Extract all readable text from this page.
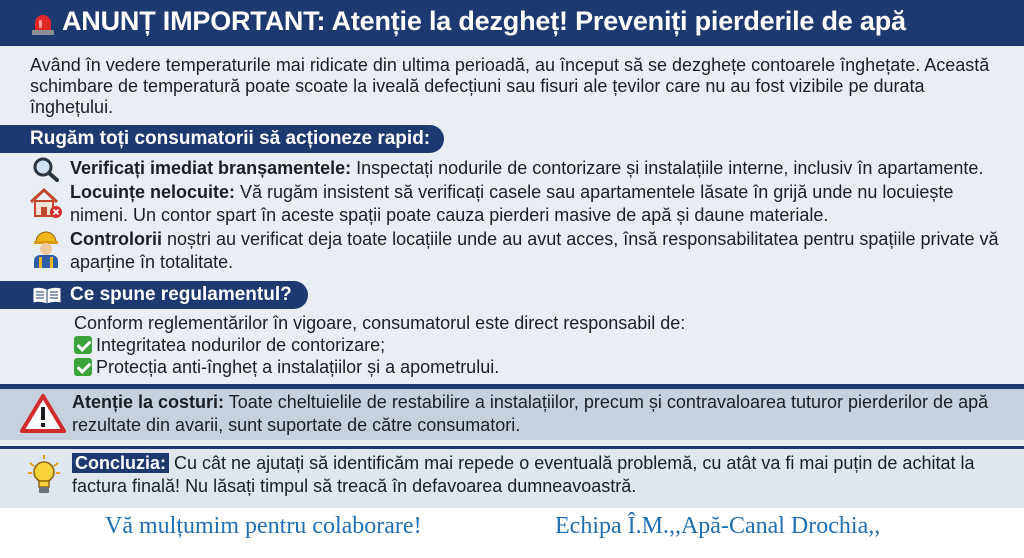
ANUNȚ IMPORTANT: Atenție la dezgheț! Preveniți pierderile de apă
Având în vedere temperaturile mai ridicate din ultima perioadă, au început să se dezghețe contoarele înghețate. Această schimbare de temperatură poate scoate la iveală defecțiuni sau fisuri ale țevilor care nu au fost vizibile pe durata înghețului.
Rugăm toți consumatorii să acționeze rapid:
Verificați imediat branșamentele: Inspectați nodurile de contorizare și instalațiile interne, inclusiv în apartamente.
Locuințe nelocuite: Vă rugăm insistent să verificați casele sau apartamentele lăsate în grijă unde nu locuiește nimeni. Un contor spart în aceste spații poate cauza pierderi masive de apă și daune materiale.
Controlorii noștri au verificat deja toate locațiile unde au avut acces, însă responsabilitatea pentru spațiile private vă aparține în totalitate.
Ce spune regulamentul?
Conform reglementărilor în vigoare, consumatorul este direct responsabil de:
Integritatea nodurilor de contorizare;
Protecția anti-îngheț a instalațiilor și a apometrului.
Atenție la costuri: Toate cheltuielile de restabilire a instalațiilor, precum și contravaloarea tuturor pierderilor de apă rezultate din avarii, sunt suportate de către consumatori.
Concluzia: Cu cât ne ajutați să identificăm mai repede o eventuală problemă, cu atât va fi mai puțin de achitat la factura finală! Nu lăsați timpul să treacă în defavoarea dumneavoastră.
Vă mulțumim pentru colaborare!	Echipa Î.M.,,Apă-Canal Drochia,,
